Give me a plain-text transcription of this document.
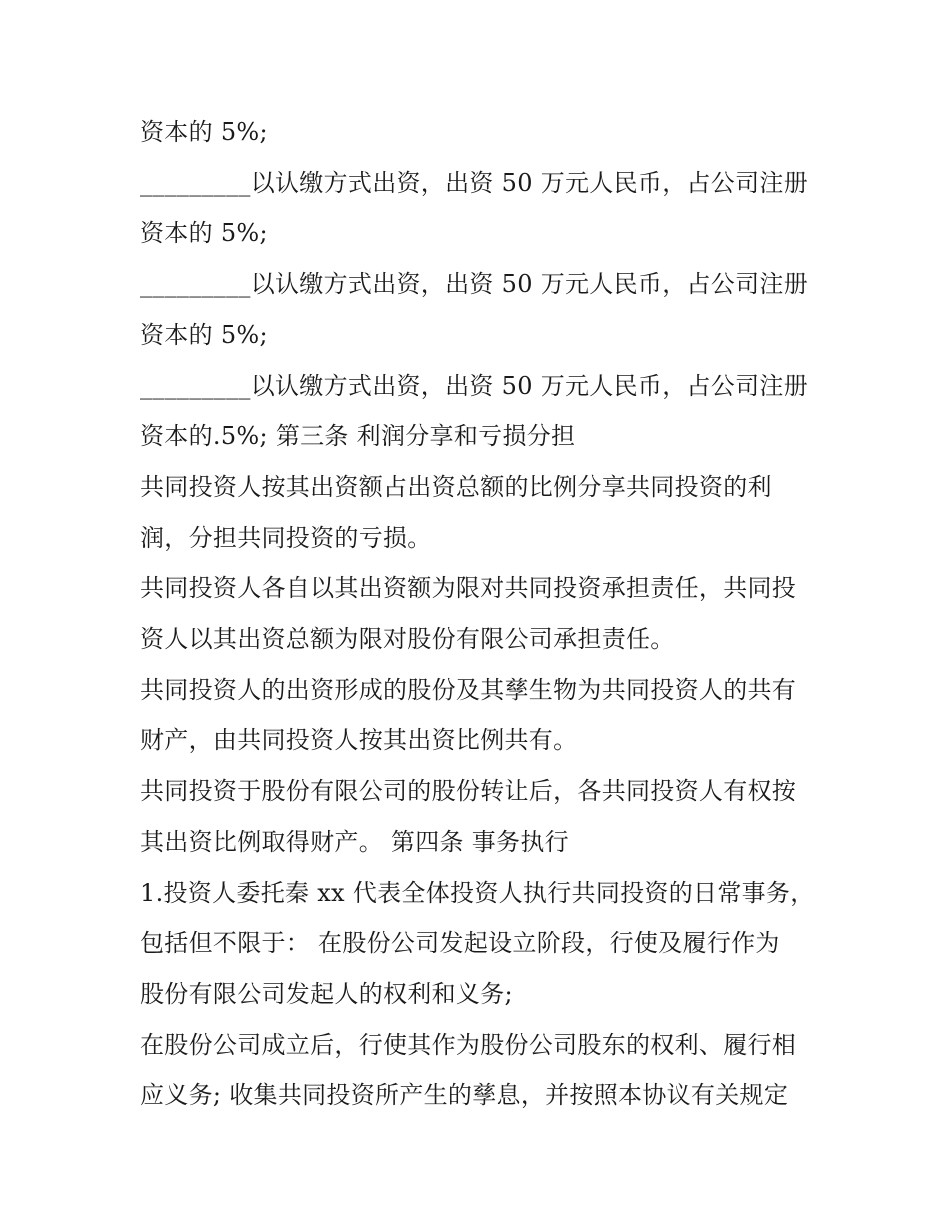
资本的 5%;
_________以认缴方式出资，出资 50 万元人民币，占公司注册
资本的 5%;
_________以认缴方式出资，出资 50 万元人民币，占公司注册
资本的 5%;
_________以认缴方式出资，出资 50 万元人民币，占公司注册
资本的.5%; 第三条 利润分享和亏损分担
共同投资人按其出资额占出资总额的比例分享共同投资的利
润，分担共同投资的亏损。
共同投资人各自以其出资额为限对共同投资承担责任，共同投
资人以其出资总额为限对股份有限公司承担责任。
共同投资人的出资形成的股份及其孳生物为共同投资人的共有
财产，由共同投资人按其出资比例共有。
共同投资于股份有限公司的股份转让后，各共同投资人有权按
其出资比例取得财产。 第四条 事务执行
1.投资人委托秦 xx 代表全体投资人执行共同投资的日常事务，
包括但不限于： 在股份公司发起设立阶段，行使及履行作为
股份有限公司发起人的权利和义务;
在股份公司成立后，行使其作为股份公司股东的权利、履行相
应义务; 收集共同投资所产生的孳息，并按照本协议有关规定
